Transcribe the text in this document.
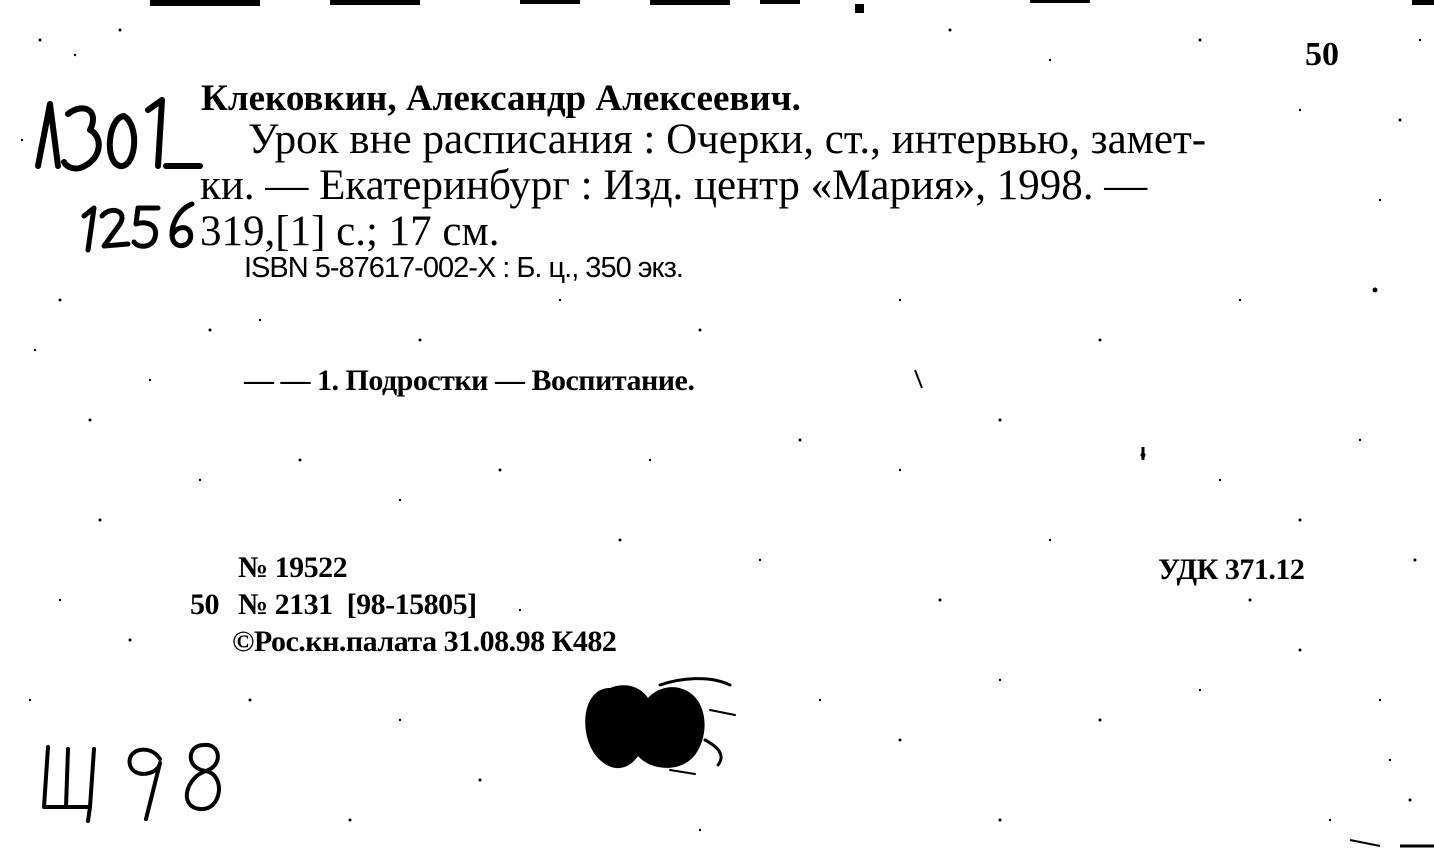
50
Клековкин, Александр Алексеевич.
Урок вне расписания : Очерки, ст., интервью, замет-
ки. — Екатеринбург : Изд. центр «Мария», 1998. —
319,[1] с.; 17 см.
ISBN 5-87617-002-X : Б. ц., 350 экз.
— — 1. Подростки — Воспитание.
№ 19522
50 № 2131  [98-15805]
©Рос.кн.палата 31.08.98 К482
УДК 371.12
